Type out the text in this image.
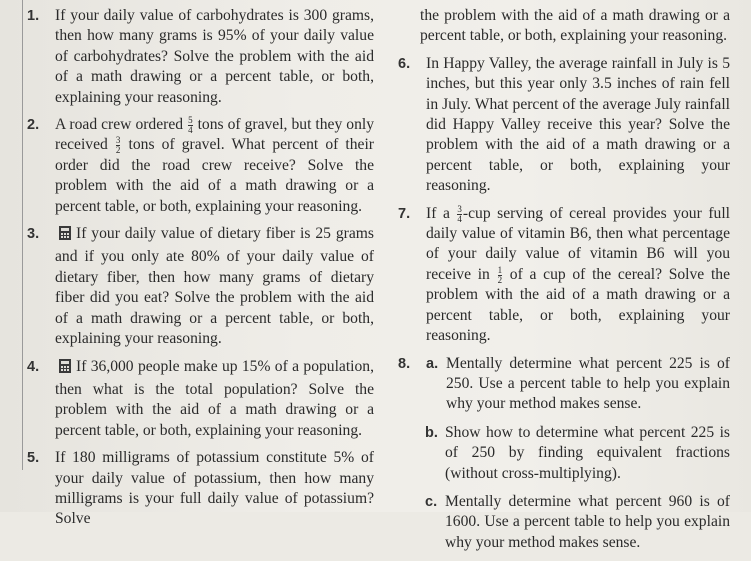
1. If your daily value of carbohydrates is 300 grams, then how many grams is 95% of your daily value of carbohydrates? Solve the problem with the aid of a math drawing or a percent table, or both, explaining your reasoning.
2. A road crew ordered $\frac{5}{4}$ tons of gravel, but they only received $\frac{3}{2}$ tons of gravel. What percent of their order did the road crew receive? Solve the problem with the aid of a math drawing or a percent table, or both, explaining your reasoning.
3. If your daily value of dietary fiber is 25 grams and if you only ate 80% of your daily value of dietary fiber, then how many grams of dietary fiber did you eat? Solve the problem with the aid of a math drawing or a percent table, or both, explaining your reasoning.
4. If 36,000 people make up 15% of a population, then what is the total population? Solve the problem with the aid of a math drawing or a percent table, or both, explaining your reasoning.
5. If 180 milligrams of potassium constitute 5% of your daily value of potassium, then how many milligrams is your full daily value of potassium? Solve
the problem with the aid of a math drawing or a percent table, or both, explaining your reasoning.
6. In Happy Valley, the average rainfall in July is 5 inches, but this year only 3.5 inches of rain fell in July. What percent of the average July rainfall did Happy Valley receive this year? Solve the problem with the aid of a math drawing or a percent table, or both, explaining your reasoning.
7. If a $\frac{3}{4} -cup$ serving of cereal provides your full daily value of vitamin B6, then what percentage of your daily value of vitamin B6 will you receive in $\frac{1}{2}$ of a cup of the cereal? Solve the problem with the aid of a math drawing or a percent table, or both, explaining your reasoning.
8. a. Mentally determine what percent 225 is of 250. Use a percent table to help you explain why your method makes sense.
b. Show how to determine what percent 225 is of 250 by finding equivalent fractions (without cross-multiplying).
c. Mentally determine what percent 960 is of 1600. Use a percent table to help you explain why your method makes sense.
